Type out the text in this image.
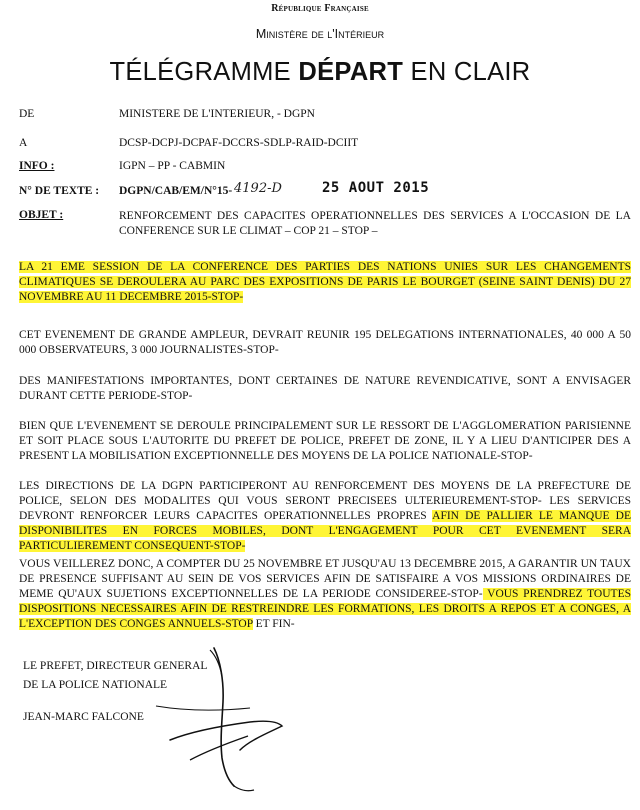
République Française
Ministère de l'Intérieur
TÉLÉGRAMME DÉPART EN CLAIR
DE	MINISTERE DE L'INTERIEUR, - DGPN
A	DCSP-DCPJ-DCPAF-DCCRS-SDLP-RAID-DCIIT
INFO :	IGPN – PP - CABMIN
N° DE TEXTE : DGPN/CAB/EM/N°15- 4192-D	25 AOUT 2015
OBJET :	RENFORCEMENT DES CAPACITES OPERATIONNELLES DES SERVICES A L'OCCASION DE LA CONFERENCE SUR LE CLIMAT – COP 21 – STOP –
LA 21 EME SESSION DE LA CONFERENCE DES PARTIES DES NATIONS UNIES SUR LES CHANGEMENTS CLIMATIQUES SE DEROULERA AU PARC DES EXPOSITIONS DE PARIS LE BOURGET (SEINE SAINT DENIS) DU 27 NOVEMBRE AU 11 DECEMBRE 2015-STOP-
CET EVENEMENT DE GRANDE AMPLEUR, DEVRAIT REUNIR 195 DELEGATIONS INTERNATIONALES, 40 000 A 50 000 OBSERVATEURS, 3 000 JOURNALISTES-STOP-
DES MANIFESTATIONS IMPORTANTES, DONT CERTAINES DE NATURE REVENDICATIVE, SONT A ENVISAGER DURANT CETTE PERIODE-STOP-
BIEN QUE L'EVENEMENT SE DEROULE PRINCIPALEMENT SUR LE RESSORT DE L'AGGLOMERATION PARISIENNE ET SOIT PLACE SOUS L'AUTORITE DU PREFET DE POLICE, PREFET DE ZONE, IL Y A LIEU D'ANTICIPER DES A PRESENT LA MOBILISATION EXCEPTIONNELLE DES MOYENS DE LA POLICE NATIONALE-STOP-
LES DIRECTIONS DE LA DGPN PARTICIPERONT AU RENFORCEMENT DES MOYENS DE LA PREFECTURE DE POLICE, SELON DES MODALITES QUI VOUS SERONT PRECISEES ULTERIEUREMENT-STOP- LES SERVICES DEVRONT RENFORCER LEURS CAPACITES OPERATIONNELLES PROPRES AFIN DE PALLIER LE MANQUE DE DISPONIBILITES EN FORCES MOBILES, DONT L'ENGAGEMENT POUR CET EVENEMENT SERA PARTICULIEREMENT CONSEQUENT-STOP-
VOUS VEILLEREZ DONC, A COMPTER DU 25 NOVEMBRE ET JUSQU'AU 13 DECEMBRE 2015, A GARANTIR UN TAUX DE PRESENCE SUFFISANT AU SEIN DE VOS SERVICES AFIN DE SATISFAIRE A VOS MISSIONS ORDINAIRES DE MEME QU'AUX SUJETIONS EXCEPTIONNELLES DE LA PERIODE CONSIDEREE-STOP- VOUS PRENDREZ TOUTES DISPOSITIONS NECESSAIRES AFIN DE RESTREINDRE LES FORMATIONS, LES DROITS A REPOS ET A CONGES, A L'EXCEPTION DES CONGES ANNUELS-STOP ET FIN-
LE PREFET, DIRECTEUR GENERAL
DE LA POLICE NATIONALE
JEAN-MARC FALCONE
